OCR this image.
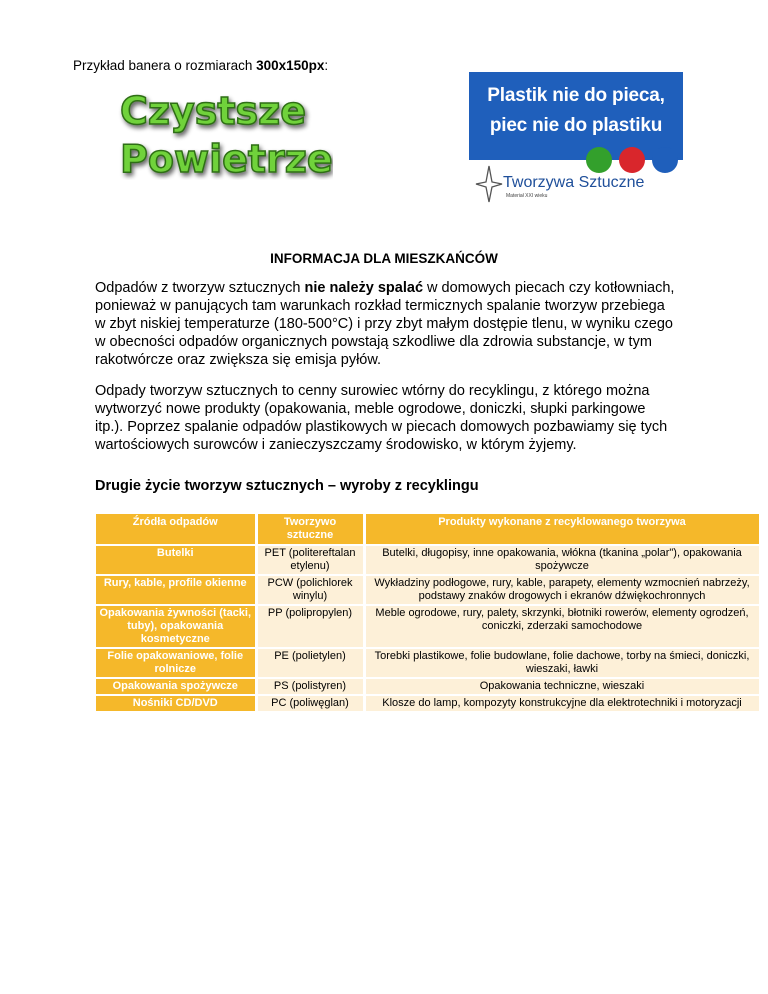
Przykład banera o rozmiarach 300x150px:
Czystsze
Powietrze
Plastik nie do pieca,
piec nie do plastiku
Tworzywa Sztuczne
Materiał XXI wieku
INFORMACJA DLA MIESZKAŃCÓW

Odpadów z tworzyw sztucznych nie należy spalać w domowych piecach czy kotłowniach, ponieważ w panujących tam warunkach rozkład termicznych spalanie tworzyw przebiega w zbyt niskiej temperaturze (180-500°C) i przy zbyt małym dostępie tlenu, w wyniku czego w obecności odpadów organicznych powstają szkodliwe dla zdrowia substancje, w tym rakotwórcze oraz zwiększa się emisja pyłów.

Odpady tworzyw sztucznych to cenny surowiec wtórny do recyklingu, z którego można wytworzyć nowe produkty (opakowania, meble ogrodowe, doniczki, słupki parkingowe itp.). Poprzez spalanie odpadów plastikowych w piecach domowych pozbawiamy się tych wartościowych surowców i zanieczyszczamy środowisko, w którym żyjemy.

Drugie życie tworzyw sztucznych – wyroby z recyklingu
Źródła odpadów	Tworzywo sztuczne	Produkty wykonane z recyklowanego tworzywa
Butelki	PET (politereftalan etylenu)	Butelki, długopisy, inne opakowania, włókna (tkanina „polar"), opakowania spożywcze
Rury, kable, profile okienne	PCW (polichlorek winylu)	Wykładziny podłogowe, rury, kable, parapety, elementy wzmocnień nabrzeży, podstawy znaków drogowych i ekranów dźwiękochronnych
Opakowania żywności (tacki, tuby), opakowania kosmetyczne	PP (polipropylen)	Meble ogrodowe, rury, palety, skrzynki, błotniki rowerów, elementy ogrodzeń, coniczki, zderzaki samochodowe
Folie opakowaniowe, folie rolnicze	PE (polietylen)	Torebki plastikowe, folie budowlane, folie dachowe, torby na śmieci, doniczki, wieszaki, ławki
Opakowania spożywcze	PS (polistyren)	Opakowania techniczne, wieszaki
Nośniki CD/DVD	PC (poliwęglan)	Klosze do lamp, kompozyty konstrukcyjne dla elektrotechniki i motoryzacji
